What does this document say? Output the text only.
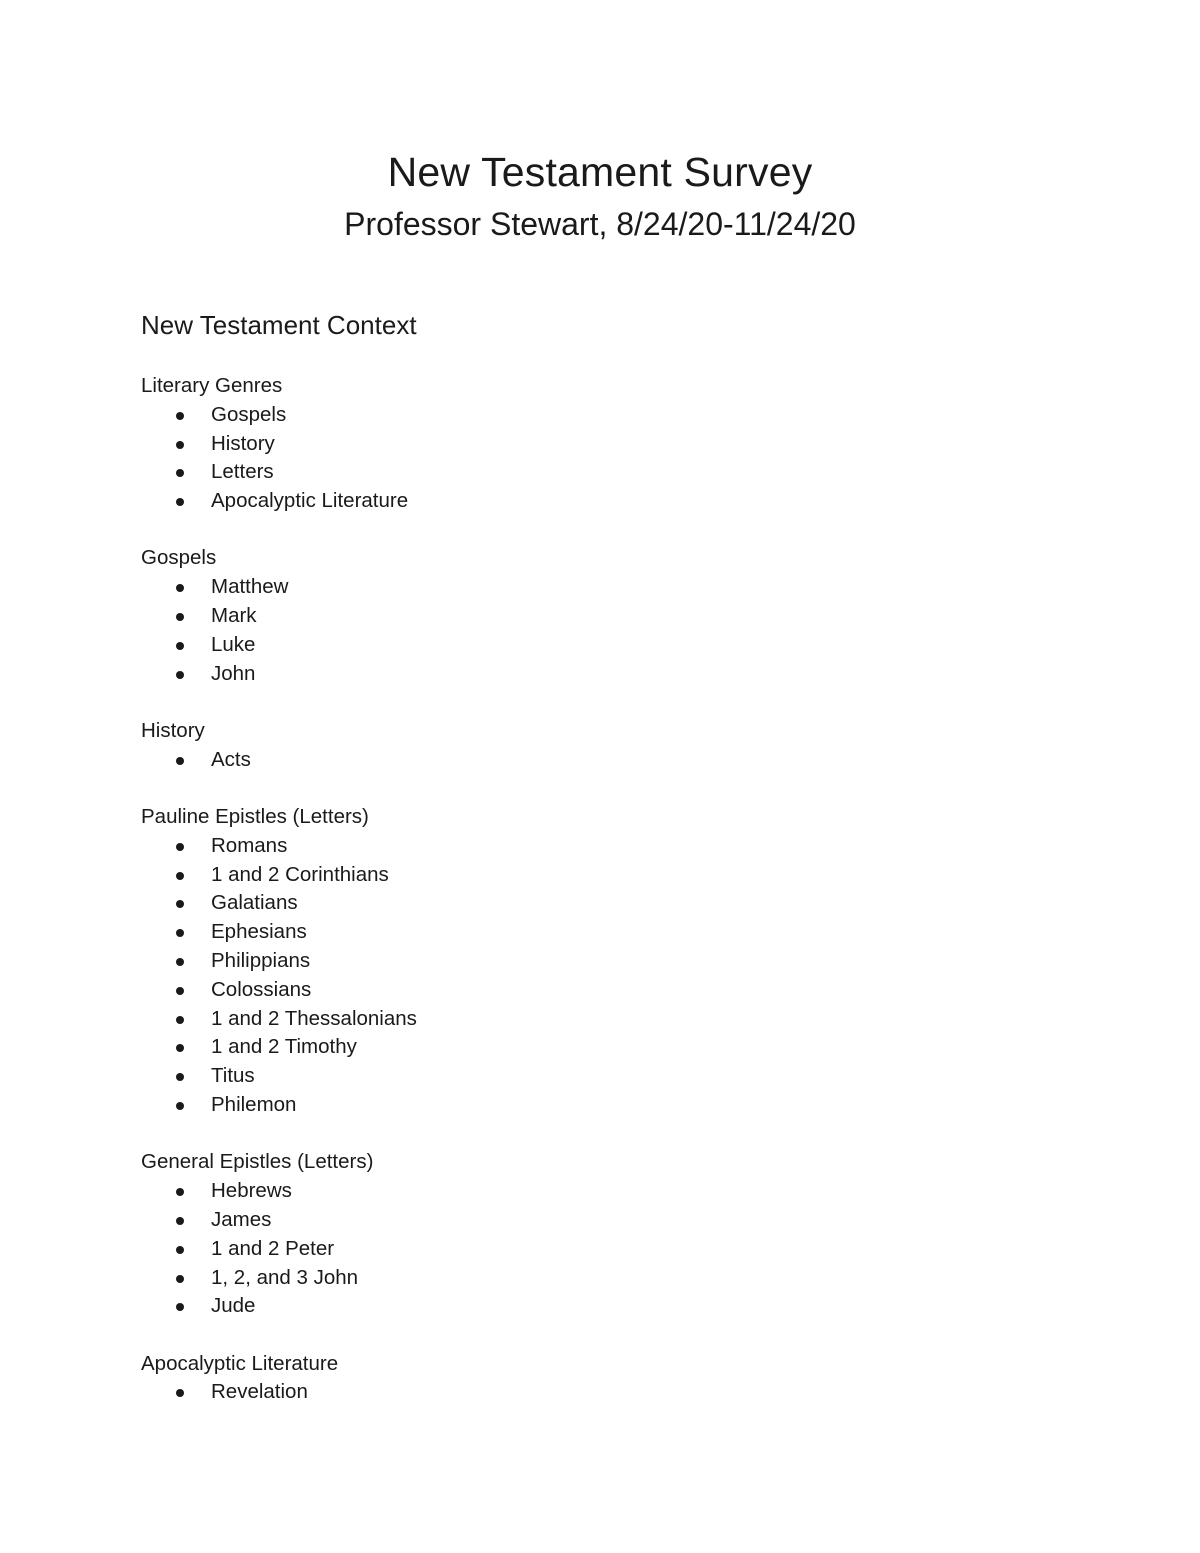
New Testament Survey
Professor Stewart, 8/24/20-11/24/20
New Testament Context
Literary Genres
Gospels
History
Letters
Apocalyptic Literature
Gospels
Matthew
Mark
Luke
John
History
Acts
Pauline Epistles (Letters)
Romans
1 and 2 Corinthians
Galatians
Ephesians
Philippians
Colossians
1 and 2 Thessalonians
1 and 2 Timothy
Titus
Philemon
General Epistles (Letters)
Hebrews
James
1 and 2 Peter
1, 2, and 3 John
Jude
Apocalyptic Literature
Revelation
